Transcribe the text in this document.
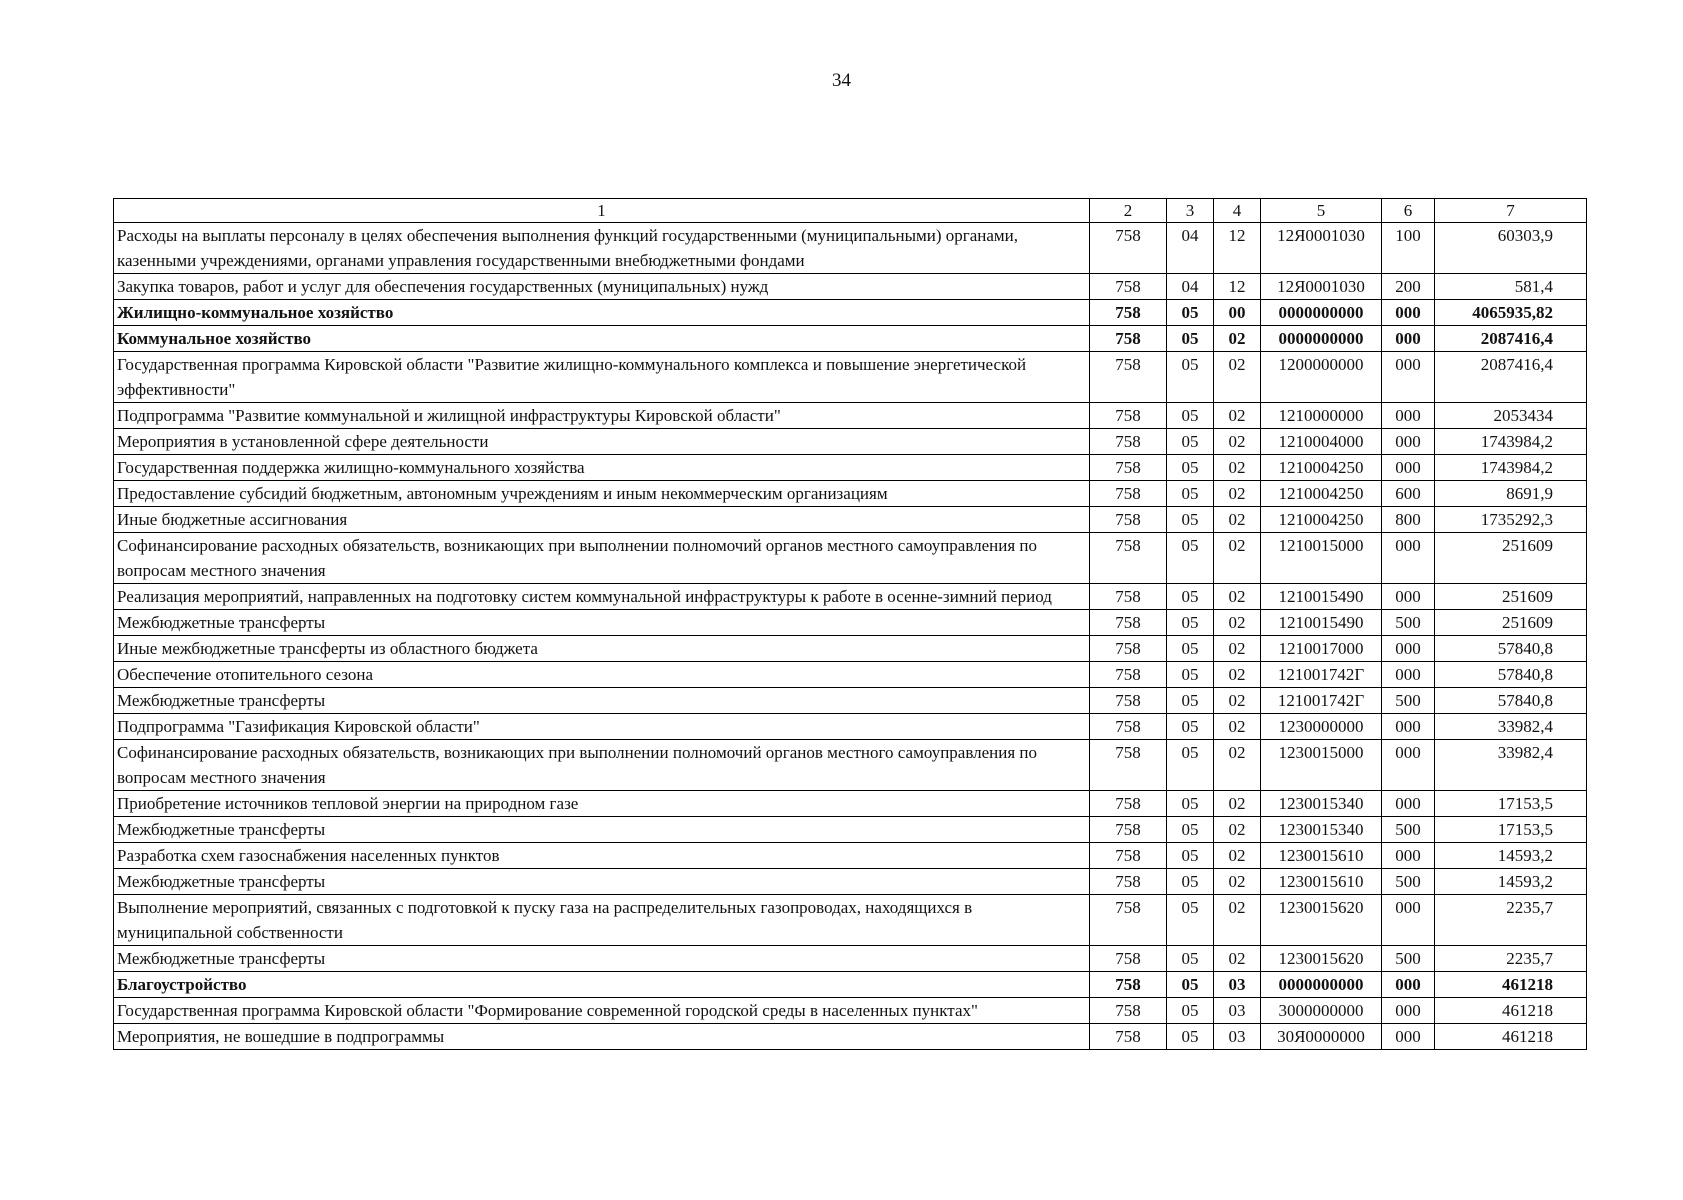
34
1	2	3	4	5	6	7
Расходы на выплаты персоналу в целях обеспечения выполнения функций государственными (муниципальными) органами, казенными учреждениями, органами управления государственными внебюджетными фондами	758	04	12	12Я0001030	100	60303,9
Закупка товаров, работ и услуг для обеспечения государственных (муниципальных) нужд	758	04	12	12Я0001030	200	581,4
Жилищно-коммунальное хозяйство	758	05	00	0000000000	000	4065935,82
Коммунальное хозяйство	758	05	02	0000000000	000	2087416,4
Государственная программа Кировской области "Развитие жилищно-коммунального комплекса и повышение энергетической эффективности"	758	05	02	1200000000	000	2087416,4
Подпрограмма "Развитие коммунальной и жилищной инфраструктуры Кировской области"	758	05	02	1210000000	000	2053434
Мероприятия в установленной сфере деятельности	758	05	02	1210004000	000	1743984,2
Государственная поддержка жилищно-коммунального хозяйства	758	05	02	1210004250	000	1743984,2
Предоставление субсидий бюджетным, автономным учреждениям и иным некоммерческим организациям	758	05	02	1210004250	600	8691,9
Иные бюджетные ассигнования	758	05	02	1210004250	800	1735292,3
Софинансирование расходных обязательств, возникающих при выполнении полномочий органов местного самоуправления по вопросам местного значения	758	05	02	1210015000	000	251609
Реализация мероприятий, направленных на подготовку систем коммунальной инфраструктуры к работе в осенне-зимний период	758	05	02	1210015490	000	251609
Межбюджетные трансферты	758	05	02	1210015490	500	251609
Иные межбюджетные трансферты из областного бюджета	758	05	02	1210017000	000	57840,8
Обеспечение отопительного сезона	758	05	02	121001742Г	000	57840,8
Межбюджетные трансферты	758	05	02	121001742Г	500	57840,8
Подпрограмма "Газификация Кировской области"	758	05	02	1230000000	000	33982,4
Софинансирование расходных обязательств, возникающих при выполнении полномочий органов местного самоуправления по вопросам местного значения	758	05	02	1230015000	000	33982,4
Приобретение источников тепловой энергии на природном газе	758	05	02	1230015340	000	17153,5
Межбюджетные трансферты	758	05	02	1230015340	500	17153,5
Разработка схем газоснабжения населенных пунктов	758	05	02	1230015610	000	14593,2
Межбюджетные трансферты	758	05	02	1230015610	500	14593,2
Выполнение мероприятий, связанных с подготовкой к пуску газа на распределительных газопроводах, находящихся в муниципальной собственности	758	05	02	1230015620	000	2235,7
Межбюджетные трансферты	758	05	02	1230015620	500	2235,7
Благоустройство	758	05	03	0000000000	000	461218
Государственная программа Кировской области "Формирование современной городской среды в населенных пунктах"	758	05	03	3000000000	000	461218
Мероприятия, не вошедшие в подпрограммы	758	05	03	30Я0000000	000	461218
